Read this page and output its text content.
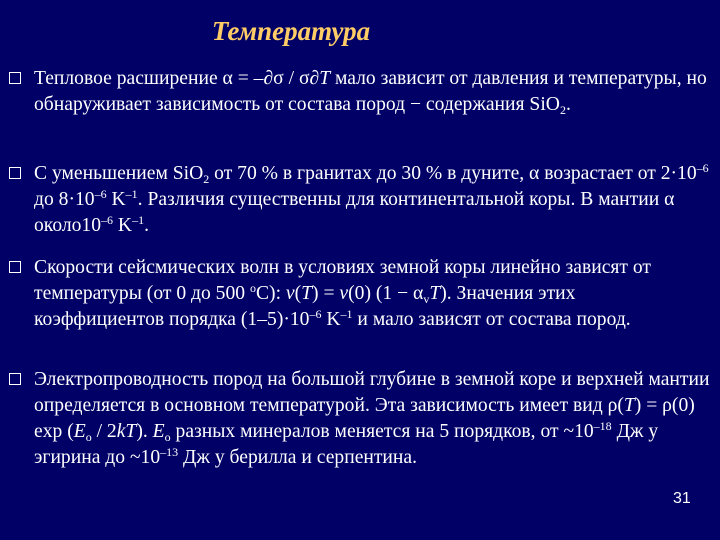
Температура
Тепловое расширение α = –∂σ / σ∂T мало зависит от давления и температуры, но обнаруживает зависимость от состава пород − содержания SiO$_2$.
С уменьшением SiO$_2$ от 70 % в гранитах до 30 % в дуните, α возрастает от $2\cdot 10^{-6}$ до $8\cdot 10^{-6}$ $K^{-1}$. Различия существенны для континентальной коры. В мантии α $около10^{-6}$ $K^{-1}$.
Скорости сейсмических волн в условиях земной коры линейно зависят от температуры (от 0 до 500 $^o$C): v(T) = v(0) $(1 - \alpha_vT)$. Значения этих коэффициентов порядка $(1-5)\cdot 10^{-6}$ $K^{-1}$ и мало зависят от состава пород.
Электропроводность пород на большой глубине в земной коре и верхней мантии определяется в основном температурой. Эта зависимость имеет вид ρ(T) = ρ(0) $\exp (E_o / 2kT)$. $E_o$ разных минералов меняется на 5 порядков, от $\sim 10^{-18}$ Дж у эгирина до $\sim 10^{-13}$ Дж у берилла и серпентина.
31
